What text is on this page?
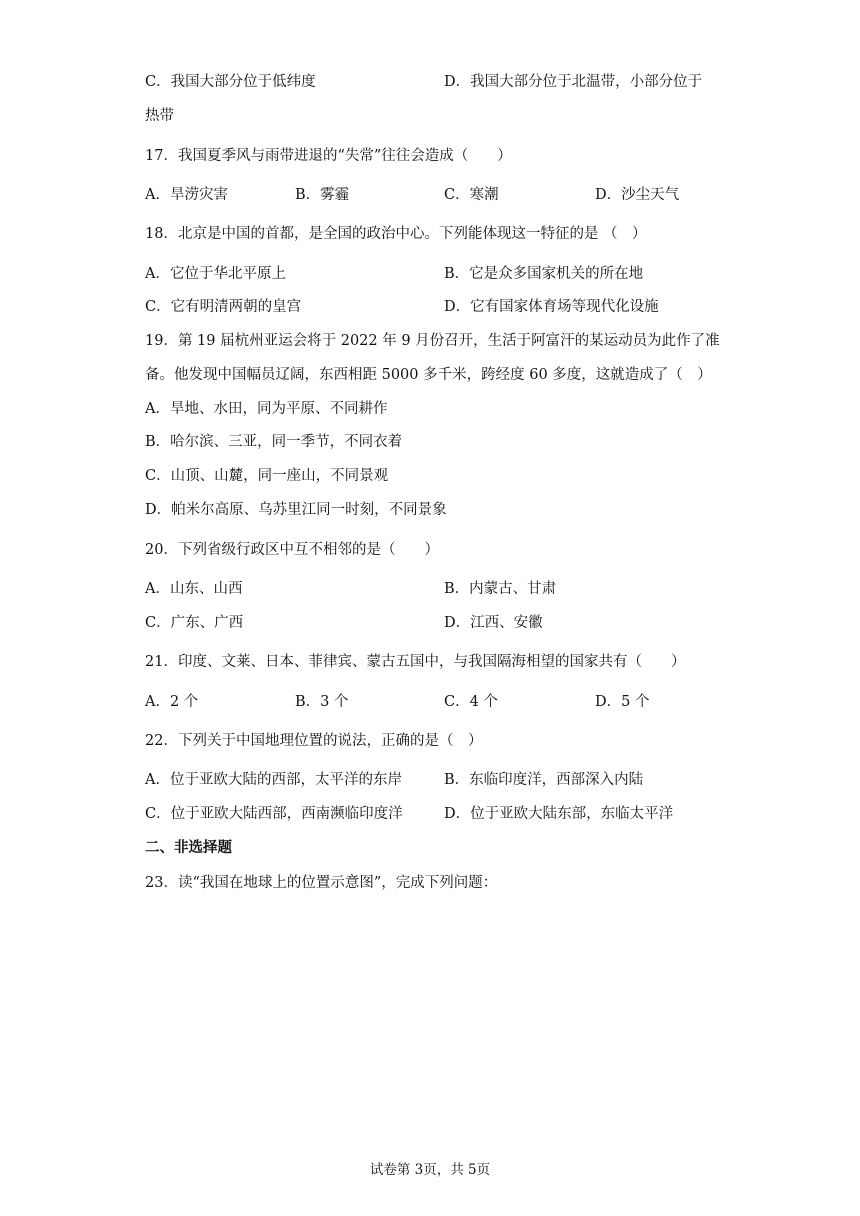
C．我国大部分位于低纬度	D．我国大部分位于北温带，小部分位于
热带
17．我国夏季风与雨带进退的“失常”往往会造成（　　）
A．旱涝灾害	B．雾霾	C．寒潮	D．沙尘天气
18．北京是中国的首都，是全国的政治中心。下列能体现这一特征的是 （　）
A．它位于华北平原上	B．它是众多国家机关的所在地
C．它有明清两朝的皇宫	D．它有国家体育场等现代化设施
19．第 19 届杭州亚运会将于 2022 年 9 月份召开，生活于阿富汗的某运动员为此作了准
备。他发现中国幅员辽阔，东西相距 5000 多千米，跨经度 60 多度，这就造成了（　）
A．旱地、水田，同为平原、不同耕作
B．哈尔滨、三亚，同一季节，不同衣着
C．山顶、山麓，同一座山，不同景观
D．帕米尔高原、乌苏里江同一时刻，不同景象
20．下列省级行政区中互不相邻的是（　　）
A．山东、山西	B．内蒙古、甘肃
C．广东、广西	D．江西、安徽
21．印度、文莱、日本、菲律宾、蒙古五国中，与我国隔海相望的国家共有（　　）
A．2 个	B．3 个	C．4 个	D．5 个
22．下列关于中国地理位置的说法，正确的是（　）
A．位于亚欧大陆的西部，太平洋的东岸	B．东临印度洋，西部深入内陆
C．位于亚欧大陆西部，西南濒临印度洋	D．位于亚欧大陆东部，东临太平洋
二、非选择题
23．读“我国在地球上的位置示意图”，完成下列问题：
试卷第 3页，共 5页
